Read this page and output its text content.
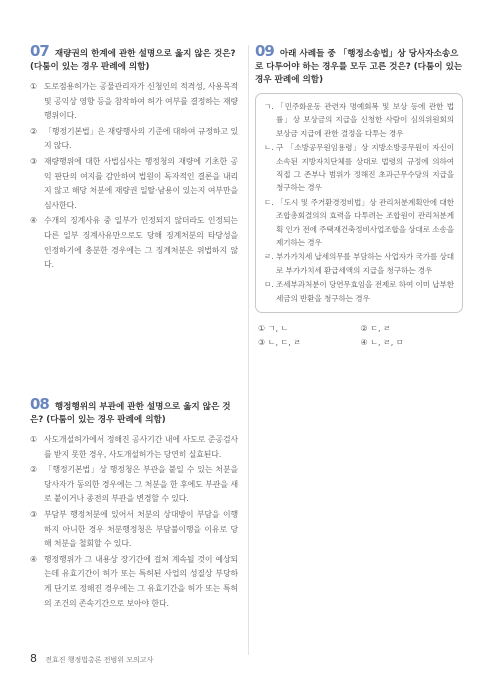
07 재량권의 한계에 관한 설명으로 옳지 않은 것은? (다툼이 있는 경우 판례에 의함)
① 도로점용허가는 공물관리자가 신청인의 적격성, 사용목적 및 공익상 영향 등을 참작하여 허가 여부를 결정하는 재량행위이다.
② 「행정기본법」은 재량행사의 기준에 대하여 규정하고 있지 않다.
③ 재량행위에 대한 사법심사는 행정청의 재량에 기초한 공익 판단의 여지를 감안하여 법원이 독자적인 결론을 내리지 않고 해당 처분에 재량권 일탈·남용이 있는지 여부만을 심사한다.
④ 수개의 징계사유 중 일부가 인정되지 않더라도 인정되는 다른 일부 징계사유만으로도 당해 징계처분의 타당성을 인정하기에 충분한 경우에는 그 징계처분은 위법하지 않다.
08 행정행위의 부관에 관한 설명으로 옳지 않은 것은? (다툼이 있는 경우 판례에 의함)
① 사도개설허가에서 정해진 공사기간 내에 사도로 준공검사를 받지 못한 경우, 사도개설허가는 당연히 실효된다.
② 「행정기본법」상 행정청은 부관을 붙일 수 있는 처분을 당사자가 동의한 경우에는 그 처분을 한 후에도 부관을 새로 붙이거나 종전의 부관을 변경할 수 있다.
③ 부담부 행정처분에 있어서 처분의 상대방이 부담을 이행하지 아니한 경우 처분행정청은 부담불이행을 이유로 당해 처분을 철회할 수 있다.
④ 행정행위가 그 내용상 장기간에 걸쳐 계속될 것이 예상되는데 유효기간이 허가 또는 특허된 사업의 성질상 부당하게 단기로 정해진 경우에는 그 유효기간을 허가 또는 특허의 조건의 존속기간으로 보아야 한다.
09 아래 사례들 중 「행정소송법」상 당사자소송으로 다투어야 하는 경우를 모두 고른 것은? (다툼이 있는 경우 판례에 의함)
ㄱ. 「민주화운동 관련자 명예회복 및 보상 등에 관한 법률」상 보상금의 지급을 신청한 사람이 심의위원회의 보상금 지급에 관한 결정을 다투는 경우
ㄴ. 구 「소방공무원임용령」상 지방소방공무원이 자신이 소속된 지방자치단체를 상대로 법령의 규정에 의하여 직접 그 존부나 범위가 정해진 초과근무수당의 지급을 청구하는 경우
ㄷ. 「도시 및 주거환경정비법」상 관리처분계획안에 대한 조합총회결의의 효력을 다투려는 조합원이 관리처분계획 인가 전에 주택재건축정비사업조합을 상대로 소송을 제기하는 경우
ㄹ. 부가가치세 납세의무를 부담하는 사업자가 국가를 상대로 부가가치세 환급세액의 지급을 청구하는 경우
ㅁ. 조세부과처분이 당연무효임을 전제로 하여 이미 납부한 세금의 반환을 청구하는 경우
① ㄱ, ㄴ	② ㄷ, ㄹ
③ ㄴ, ㄷ, ㄹ	④ ㄴ, ㄹ, ㅁ
8 전효진 행정법총론 전범위 모의고사
